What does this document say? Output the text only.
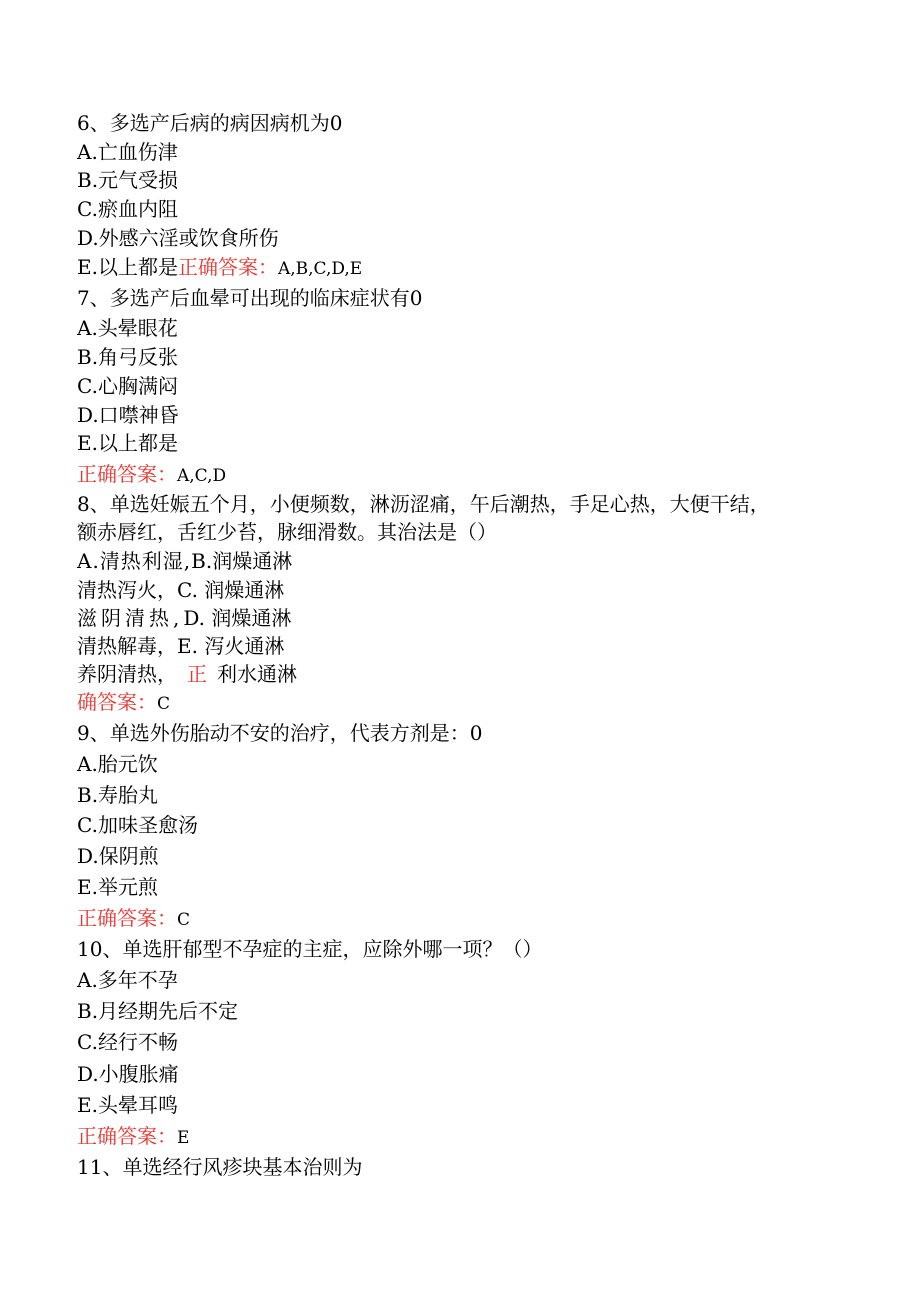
6、多选产后病的病因病机为0
A.亡血伤津
B.元气受损
C.瘀血内阻
D.外感六淫或饮食所伤
E.以上都是正确答案：A,B,C,D,E
7、多选产后血晕可出现的临床症状有0
A.头晕眼花
B.角弓反张
C.心胸满闷
D.口噤神昏
E.以上都是
正确答案：A,C,D
8、单选妊娠五个月，小便频数，淋沥涩痛，午后潮热，手足心热，大便干结，
额赤唇红，舌红少苔，脉细滑数。其治法是（）
A.清热利湿,B.润燥通淋
清热泻火，C. 润燥通淋
滋阴清热,D. 润燥通淋
清热解毒，E. 泻火通淋
养阴清热， 正 利水通淋
确答案：C
9、单选外伤胎动不安的治疗，代表方剂是：0
A.胎元饮
B.寿胎丸
C.加味圣愈汤
D.保阴煎
E.举元煎
正确答案：C
10、单选肝郁型不孕症的主症，应除外哪一项？（）
A.多年不孕
B.月经期先后不定
C.经行不畅
D.小腹胀痛
E.头晕耳鸣
正确答案：E
11、单选经行风疹块基本治则为
